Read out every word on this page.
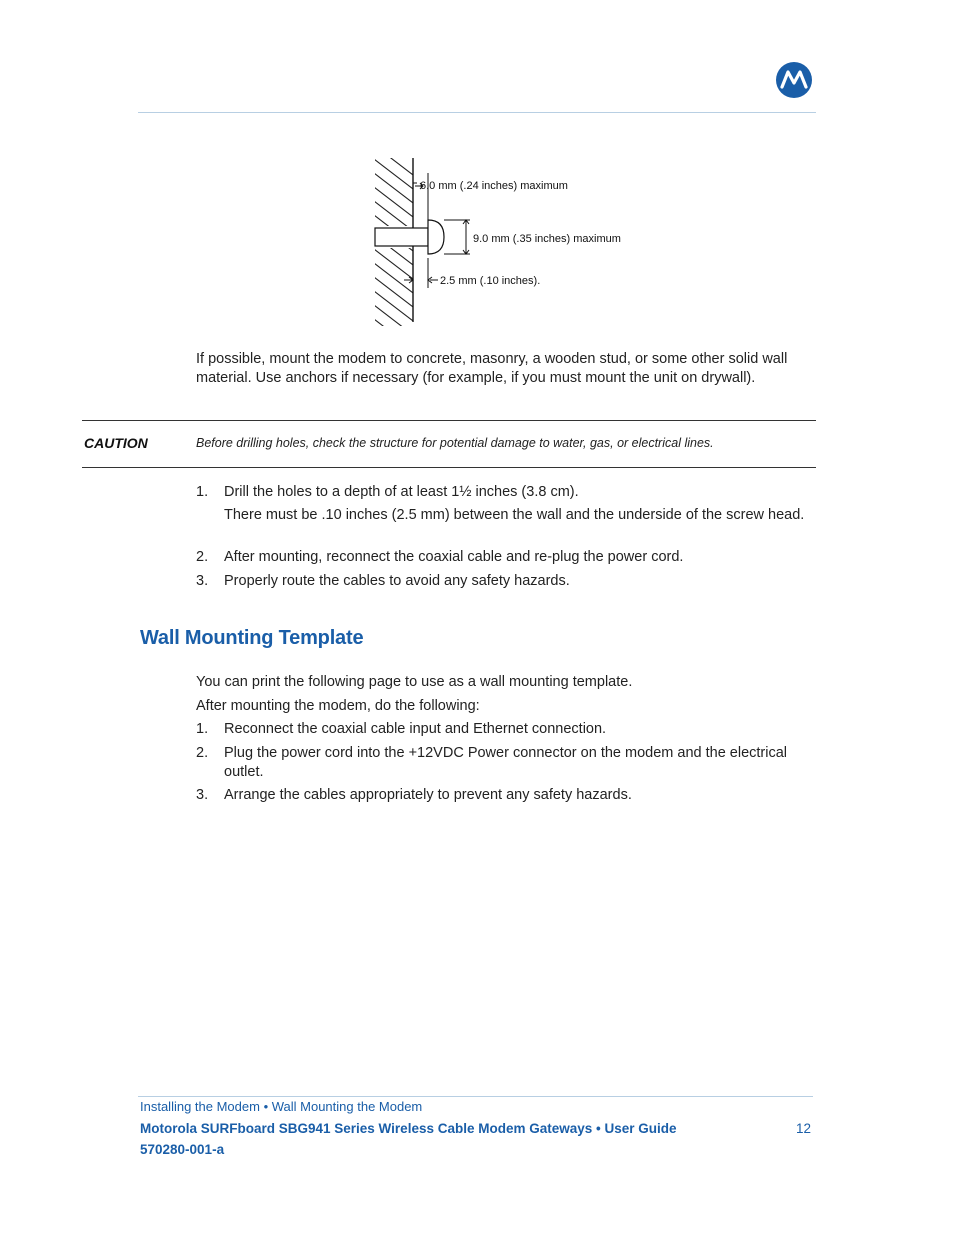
6.0 mm (.24 inches) maximum
9.0 mm (.35 inches) maximum
2.5 mm (.10 inches).
If possible, mount the modem to concrete, masonry, a wooden stud, or some other solid wall material. Use anchors if necessary (for example, if you must mount the unit on drywall).
CAUTION	Before drilling holes, check the structure for potential damage to water, gas, or electrical lines.
1.	Drill the holes to a depth of at least 1½ inches (3.8 cm).
There must be .10 inches (2.5 mm) between the wall and the underside of the screw head.
2.	After mounting, reconnect the coaxial cable and re-plug the power cord.
3.	Properly route the cables to avoid any safety hazards.
Wall Mounting Template
You can print the following page to use as a wall mounting template.
After mounting the modem, do the following:
1.	Reconnect the coaxial cable input and Ethernet connection.
2.	Plug the power cord into the +12VDC Power connector on the modem and the electrical outlet.
3.	Arrange the cables appropriately to prevent any safety hazards.
Installing the Modem • Wall Mounting the Modem
Motorola SURFboard SBG941 Series Wireless Cable Modem Gateways • User Guide
570280-001-a
12
